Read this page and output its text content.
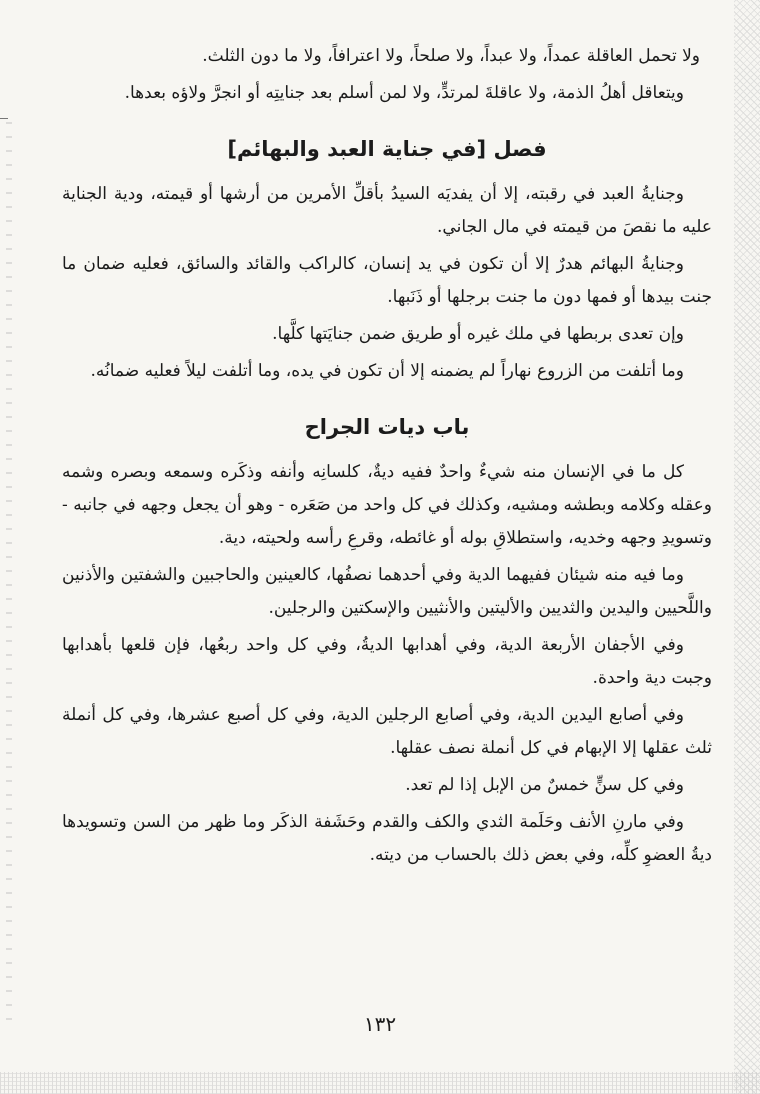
ولا تحمل العاقلة عمداً، ولا عبداً، ولا صلحاً، ولا اعترافاً، ولا ما دون الثلث.

ويتعاقل أهلُ الذمة، ولا عاقلةَ لمرتدٍّ، ولا لمن أسلم بعد جنايتِه أو انجرَّ ولاؤه بعدها.

فصل [في جناية العبد والبهائم]

وجنايةُ العبد في رقبته، إلا أن يفديَه السيدُ بأقلِّ الأمرين من أرشها أو قيمته، ودية الجناية عليه ما نقصَ من قيمته في مال الجاني.

وجنايةُ البهائم هدرٌ إلا أن تكون في يد إنسان، كالراكب والقائد والسائق، فعليه ضمان ما جنت بيدها أو فمها دون ما جنت برجلها أو ذَنَبها.

وإن تعدى بربطها في ملك غيره أو طريق ضمن جنايَتها كلَّها.

وما أتلفت من الزروع نهاراً لم يضمنه إلا أن تكون في يده، وما أتلفت ليلاً فعليه ضمانُه.

باب ديات الجراح

كل ما في الإنسان منه شيءٌ واحدٌ ففيه ديةٌ، كلسانِه وأنفه وذكَره وسمعه وبصره وشمه وعقله وكلامه وبطشه ومشيه، وكذلك في كل واحد من صَعَره - وهو أن يجعل وجهه في جانبه - وتسويدِ وجهه وخديه، واستطلاقِ بوله أو غائطه، وقرعِ رأسه ولحيته، دية.

وما فيه منه شيئان ففيهما الدية وفي أحدهما نصفُها، كالعينين والحاجبين والشفتين والأذنين واللَّحيين واليدين والثديين والأليتين والأنثيين والإسكتين والرجلين.

وفي الأجفان الأربعة الدية، وفي أهدابها الديةُ، وفي كل واحد ربعُها، فإن قلعها بأهدابها وجبت دية واحدة.

وفي أصابع اليدين الدية، وفي أصابع الرجلين الدية، وفي كل أصبع عشرها، وفي كل أنملة ثلث عقلها إلا الإبهام في كل أنملة نصف عقلها.

وفي كل سنٍّ خمسٌ من الإبل إذا لم تعد.

وفي مارنِ الأنف وحَلَمة الثدي والكف والقدم وحَشَفة الذكَر وما ظهر من السن وتسويدها ديةُ العضوِ كلِّه، وفي بعض ذلك بالحساب من ديته.

١٣٢
